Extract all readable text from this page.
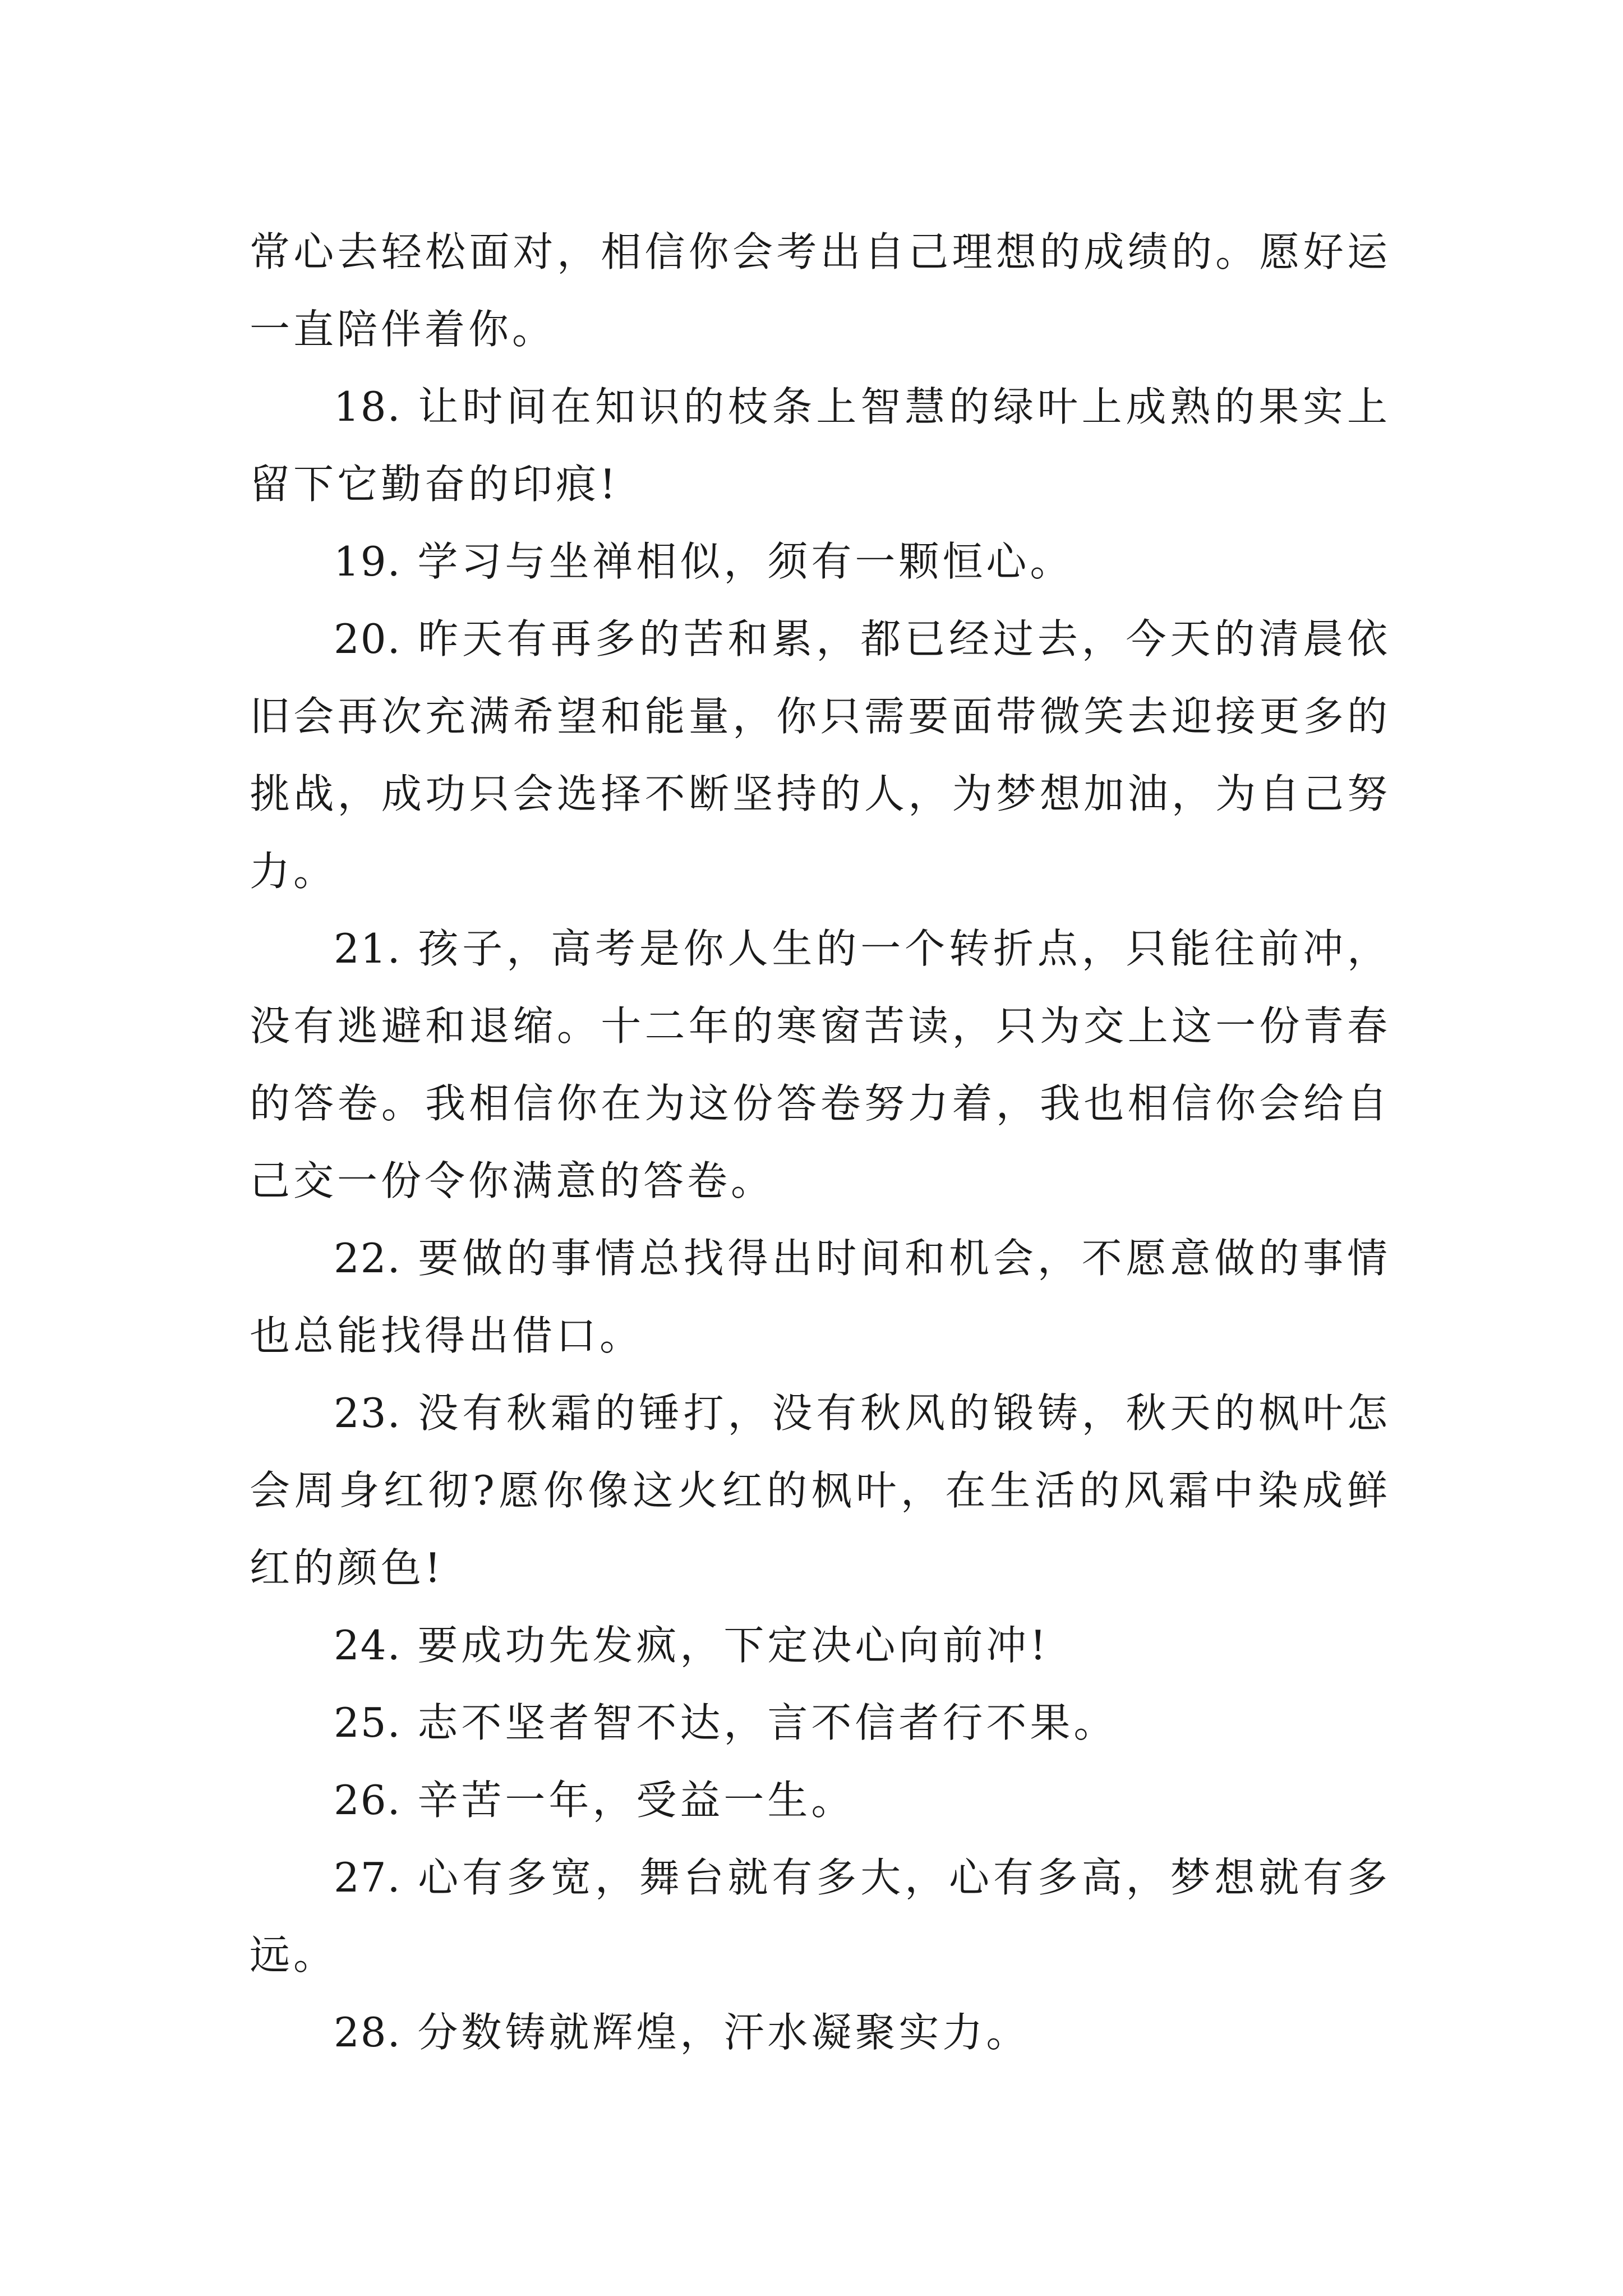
常心去轻松面对，相信你会考出自己理想的成绩的。愿好运一直陪伴着你。

18. 让时间在知识的枝条上智慧的绿叶上成熟的果实上留下它勤奋的印痕!

19. 学习与坐禅相似，须有一颗恒心。

20. 昨天有再多的苦和累，都已经过去，今天的清晨依旧会再次充满希望和能量，你只需要面带微笑去迎接更多的挑战，成功只会选择不断坚持的人，为梦想加油，为自己努力。

21. 孩子，高考是你人生的一个转折点，只能往前冲，没有逃避和退缩。十二年的寒窗苦读，只为交上这一份青春的答卷。我相信你在为这份答卷努力着，我也相信你会给自己交一份令你满意的答卷。

22. 要做的事情总找得出时间和机会，不愿意做的事情也总能找得出借口。

23. 没有秋霜的锤打，没有秋风的锻铸，秋天的枫叶怎会周身红彻?愿你像这火红的枫叶，在生活的风霜中染成鲜红的颜色!

24. 要成功先发疯，下定决心向前冲!

25. 志不坚者智不达，言不信者行不果。

26. 辛苦一年，受益一生。

27. 心有多宽，舞台就有多大，心有多高，梦想就有多远。

28. 分数铸就辉煌，汗水凝聚实力。
